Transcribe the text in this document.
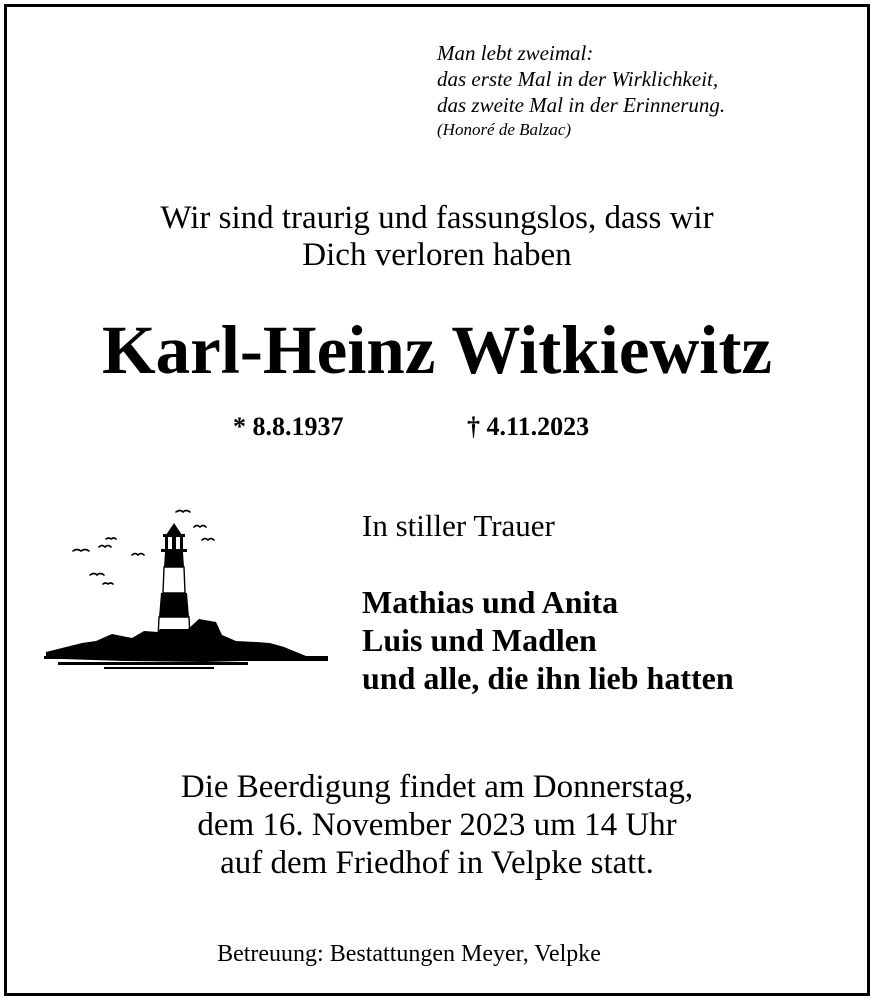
Man lebt zweimal:
das erste Mal in der Wirklichkeit,
das zweite Mal in der Erinnerung.
(Honoré de Balzac)
Wir sind traurig und fassungslos, dass wir
Dich verloren haben
Karl-Heinz Witkiewitz
* 8.8.1937	† 4.11.2023
In stiller Trauer
Mathias und Anita
Luis und Madlen
und alle, die ihn lieb hatten
Die Beerdigung findet am Donnerstag,
dem 16. November 2023 um 14 Uhr
auf dem Friedhof in Velpke statt.
Betreuung: Bestattungen Meyer, Velpke
